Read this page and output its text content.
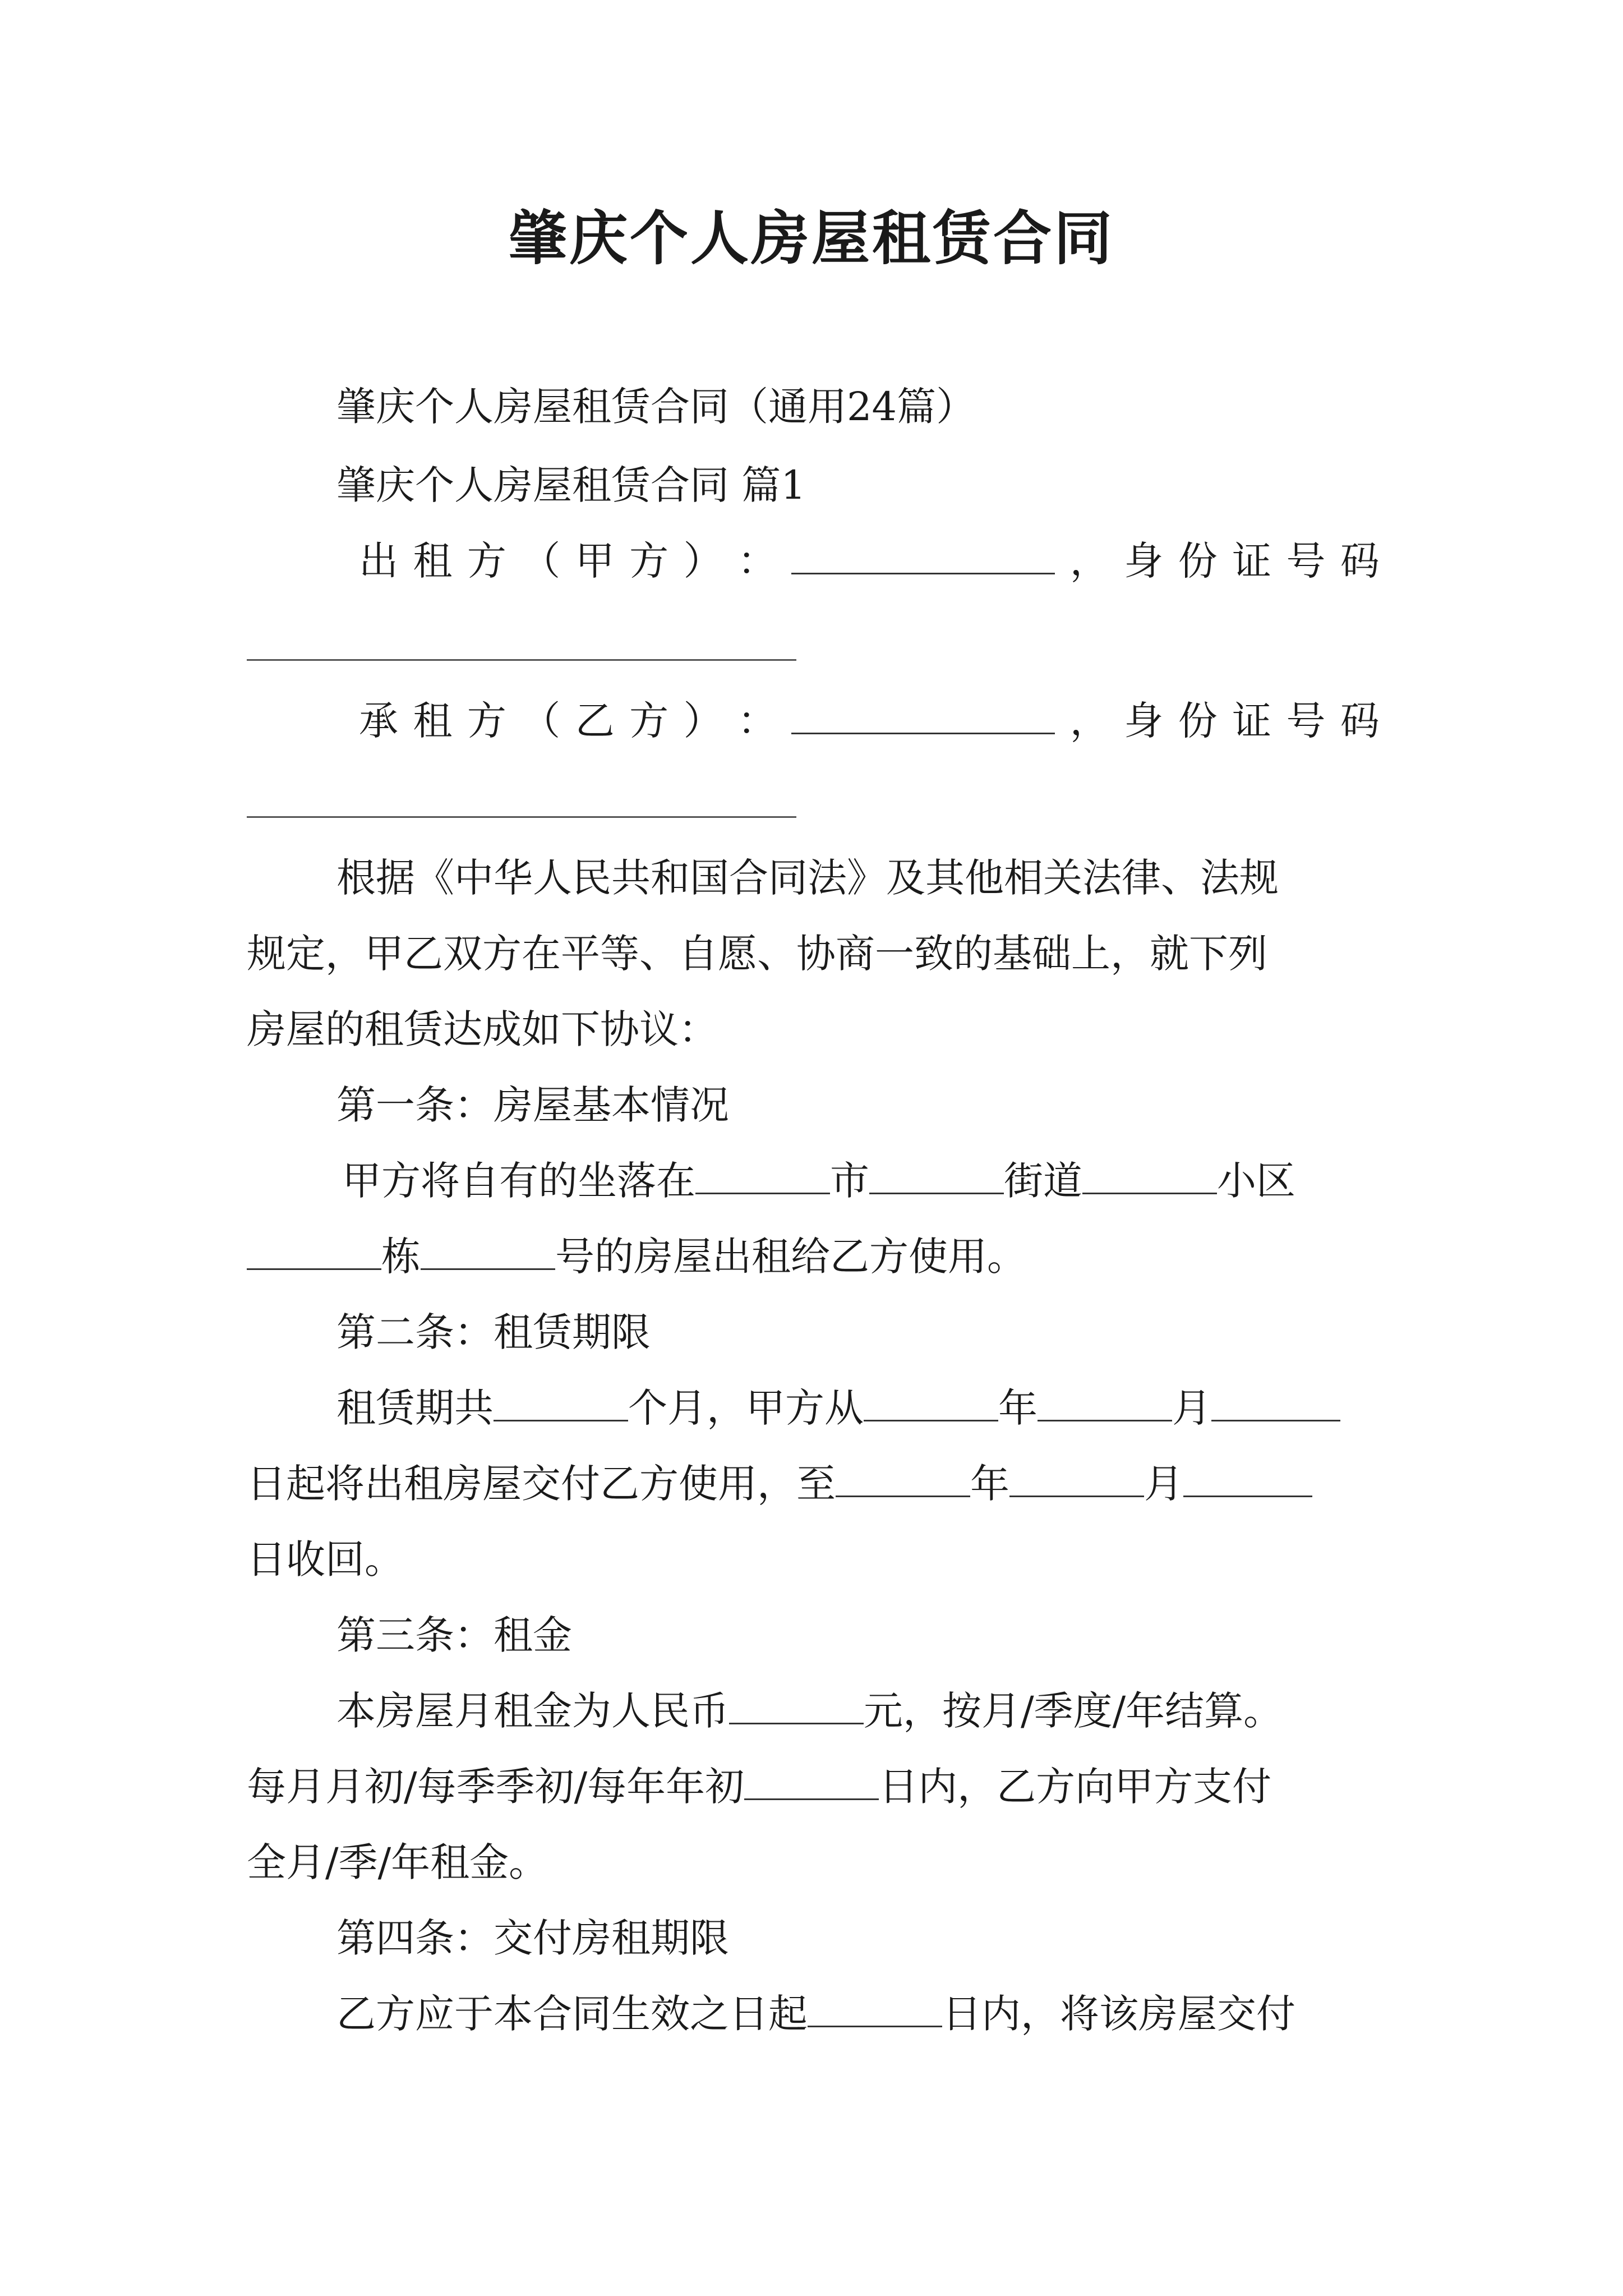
肇庆个人房屋租赁合同
肇庆个人房屋租赁合同（通用24篇）
肇庆个人房屋租赁合同 篇1
出 租 方 （ 甲 方 ） ：	， 身 份 证 号 码
承 租 方 （ 乙 方 ） ：	， 身 份 证 号 码
根据《中华人民共和国合同法》及其他相关法律、法规
规定，甲乙双方在平等、自愿、协商一致的基础上，就下列
房屋的租赁达成如下协议：
第一条：房屋基本情况
甲方将自有的坐落在	市	街道	小区
栋	号的房屋出租给乙方使用。
第二条：租赁期限
租赁期共	个月，甲方从	年	月
日起将出租房屋交付乙方使用，至	年	月
日收回。
第三条：租金
本房屋月租金为人民币	元，按月/季度/年结算。
每月月初/每季季初/每年年初	日内，乙方向甲方支付
全月/季/年租金。
第四条：交付房租期限
乙方应于本合同生效之日起	日内，将该房屋交付
